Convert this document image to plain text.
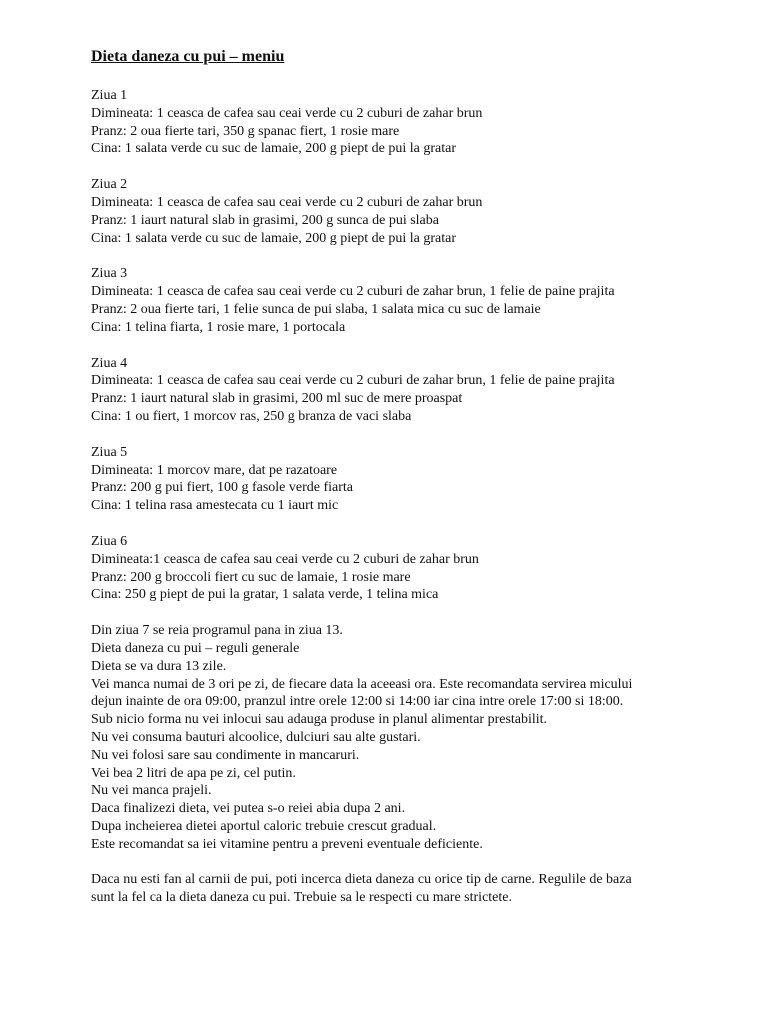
Dieta daneza cu pui – meniu
Ziua 1
Dimineata: 1 ceasca de cafea sau ceai verde cu 2 cuburi de zahar brun
Pranz: 2 oua fierte tari, 350 g spanac fiert, 1 rosie mare
Cina: 1 salata verde cu suc de lamaie, 200 g piept de pui la gratar
Ziua 2
Dimineata: 1 ceasca de cafea sau ceai verde cu 2 cuburi de zahar brun
Pranz: 1 iaurt natural slab in grasimi, 200 g sunca de pui slaba
Cina: 1 salata verde cu suc de lamaie, 200 g piept de pui la gratar
Ziua 3
Dimineata: 1 ceasca de cafea sau ceai verde cu 2 cuburi de zahar brun, 1 felie de paine prajita
Pranz: 2 oua fierte tari, 1 felie sunca de pui slaba, 1 salata mica cu suc de lamaie
Cina: 1 telina fiarta, 1 rosie mare, 1 portocala
Ziua 4
Dimineata: 1 ceasca de cafea sau ceai verde cu 2 cuburi de zahar brun, 1 felie de paine prajita
Pranz: 1 iaurt natural slab in grasimi, 200 ml suc de mere proaspat
Cina: 1 ou fiert, 1 morcov ras, 250 g branza de vaci slaba
Ziua 5
Dimineata: 1 morcov mare, dat pe razatoare
Pranz: 200 g pui fiert, 100 g fasole verde fiarta
Cina: 1 telina rasa amestecata cu 1 iaurt mic
Ziua 6
Dimineata:1 ceasca de cafea sau ceai verde cu 2 cuburi de zahar brun
Pranz: 200 g broccoli fiert cu suc de lamaie, 1 rosie mare
Cina: 250 g piept de pui la gratar, 1 salata verde, 1 telina mica
Din ziua 7 se reia programul pana in ziua 13.
Dieta daneza cu pui – reguli generale
Dieta se va dura 13 zile.
Vei manca numai de 3 ori pe zi, de fiecare data la aceeasi ora. Este recomandata servirea micului
dejun inainte de ora 09:00, pranzul intre orele 12:00 si 14:00 iar cina intre orele 17:00 si 18:00.
Sub nicio forma nu vei inlocui sau adauga produse in planul alimentar prestabilit.
Nu vei consuma bauturi alcoolice, dulciuri sau alte gustari.
Nu vei folosi sare sau condimente in mancaruri.
Vei bea 2 litri de apa pe zi, cel putin.
Nu vei manca prajeli.
Daca finalizezi dieta, vei putea s-o reiei abia dupa 2 ani.
Dupa incheierea dietei aportul caloric trebuie crescut gradual.
Este recomandat sa iei vitamine pentru a preveni eventuale deficiente.
Daca nu esti fan al carnii de pui, poti incerca dieta daneza cu orice tip de carne. Regulile de baza
sunt la fel ca la dieta daneza cu pui. Trebuie sa le respecti cu mare strictete.
